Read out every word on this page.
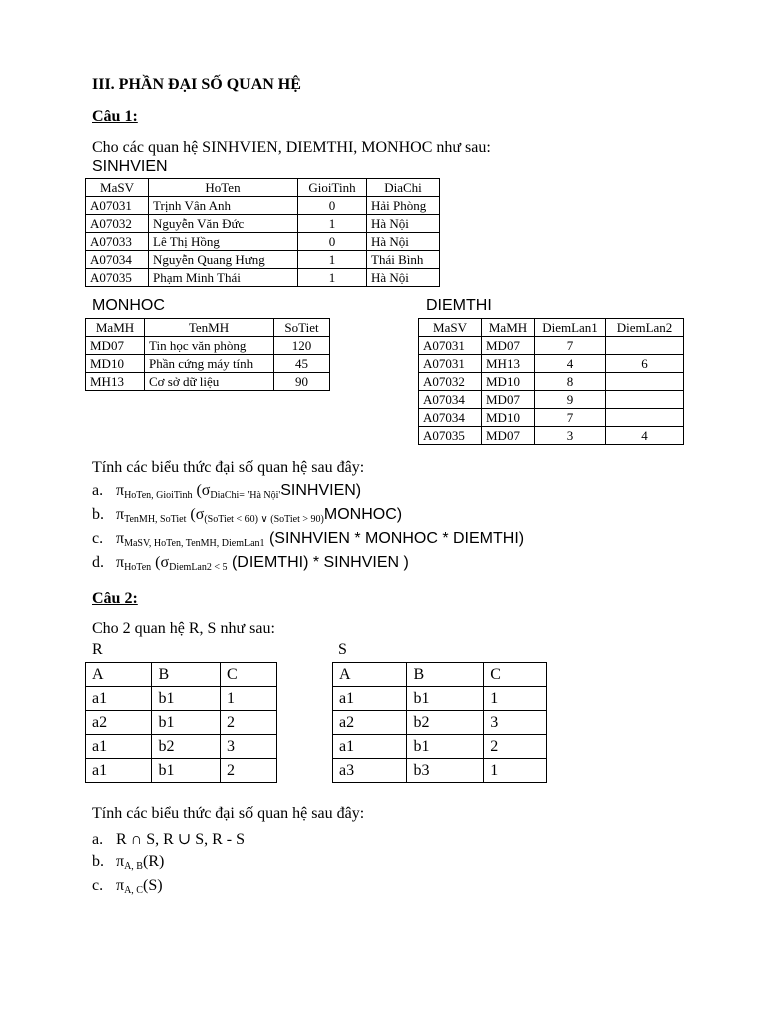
III. PHẦN ĐẠI SỐ QUAN HỆ
Câu 1:
Cho các quan hệ SINHVIEN, DIEMTHI, MONHOC như sau:
SINHVIEN
MaSV	HoTen	GioiTinh	DiaChi
A07031	Trịnh Vân Anh	0	Hải Phòng
A07032	Nguyễn Văn Đức	1	Hà Nội
A07033	Lê Thị Hồng	0	Hà Nội
A07034	Nguyễn Quang Hưng	1	Thái Bình
A07035	Phạm Minh Thái	1	Hà Nội
MONHOC
MaMH	TenMH	SoTiet
MD07	Tin học văn phòng	120
MD10	Phần cứng máy tính	45
MH13	Cơ sở dữ liệu	90
DIEMTHI
MaSV	MaMH	DiemLan1	DiemLan2
A07031	MD07	7	
A07031	MH13	4	6
A07032	MD10	8	
A07034	MD07	9	
A07034	MD10	7	
A07035	MD07	3	4
Tính các biểu thức đại số quan hệ sau đây:
a. $\pi_{HoTen, GioiTinh}$ $(\sigma_{DiaChi= 'Hà Nội'}SINHVIEN)$
b. $\pi_{TenMH, SoTiet}$ $(\sigma_{(SoTiet < 60) \vee (SoTiet > 90)}MONHOC)$
c. $\pi_{MaSV, HoTen, TenMH, DiemLan1}$ (SINHVIEN * MONHOC * DIEMTHI)
d. $\pi_{HoTen}$ ($\sigma_{DiemLan2 < 5}$ (DIEMTHI) * SINHVIEN )
Câu 2:
Cho 2 quan hệ R, S như sau:
R
A	B	C
a1	b1	1
a2	b1	2
a1	b2	3
a1	b1	2
S
A	B	C
a1	b1	1
a2	b2	3
a1	b1	2
a3	b3	1
Tính các biểu thức đại số quan hệ sau đây:
a. R ∩ S, R ∪ S, R - S
b. $\pi_{A, B}(R)$
c. $\pi_{A, C}(S)$
